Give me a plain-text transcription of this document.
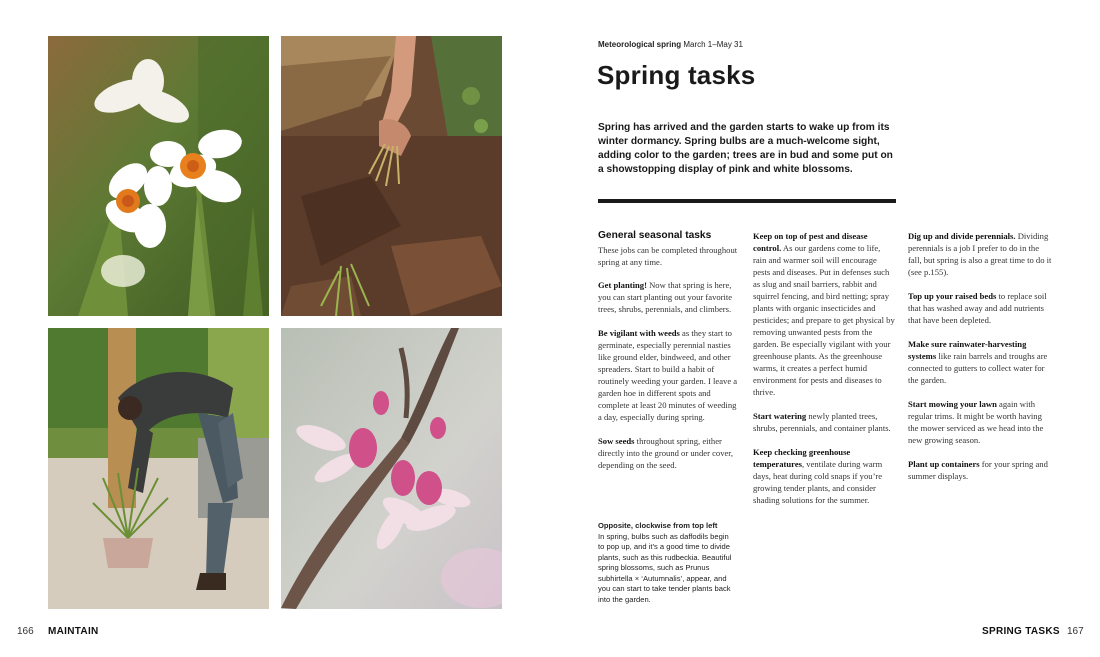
Meteorological spring March 1–May 31
Spring tasks

Spring has arrived and the garden starts to wake up from its winter dormancy. Spring bulbs are a much-welcome sight, adding color to the garden; trees are in bud and some put on a showstopping display of pink and white blossoms.

General seasonal tasks

These jobs can be completed throughout spring at any time.

Get planting! Now that spring is here, you can start planting out your favorite trees, shrubs, perennials, and climbers.

Be vigilant with weeds as they start to germinate, especially perennial nasties like ground elder, bindweed, and other spreaders. Start to build a habit of routinely weeding your garden. I leave a garden hoe in different spots and complete at least 20 minutes of weeding a day, especially during spring.

Sow seeds throughout spring, either directly into the ground or under cover, depending on the seed.

Opposite, clockwise from top left
In spring, bulbs such as daffodils begin to pop up, and it’s a good time to divide plants, such as this rudbeckia. Beautiful spring blossoms, such as Prunus subhirtella × ‘Autumnalis’, appear, and you can start to take tender plants back into the garden.

Keep on top of pest and disease control. As our gardens come to life, rain and warmer soil will encourage pests and diseases. Put in defenses such as slug and snail barriers, rabbit and squirrel fencing, and bird netting; spray plants with organic insecticides and pesticides; and prepare to get physical by removing unwanted pests from the garden. Be especially vigilant with your greenhouse plants. As the greenhouse warms, it creates a perfect humid environment for pests and diseases to thrive.

Start watering newly planted trees, shrubs, perennials, and container plants.

Keep checking greenhouse temperatures, ventilate during warm days, heat during cold snaps if you’re growing tender plants, and consider shading solutions for the summer.

Dig up and divide perennials. Dividing perennials is a job I prefer to do in the fall, but spring is also a great time to do it (see p.155).

Top up your raised beds to replace soil that has washed away and add nutrients that have been depleted.

Make sure rainwater-harvesting systems like rain barrels and troughs are connected to gutters to collect water for the garden.

Start mowing your lawn again with regular trims. It might be worth having the mower serviced as we head into the new growing season.

Plant up containers for your spring and summer displays.

166 MAINTAIN	SPRING TASKS 167
